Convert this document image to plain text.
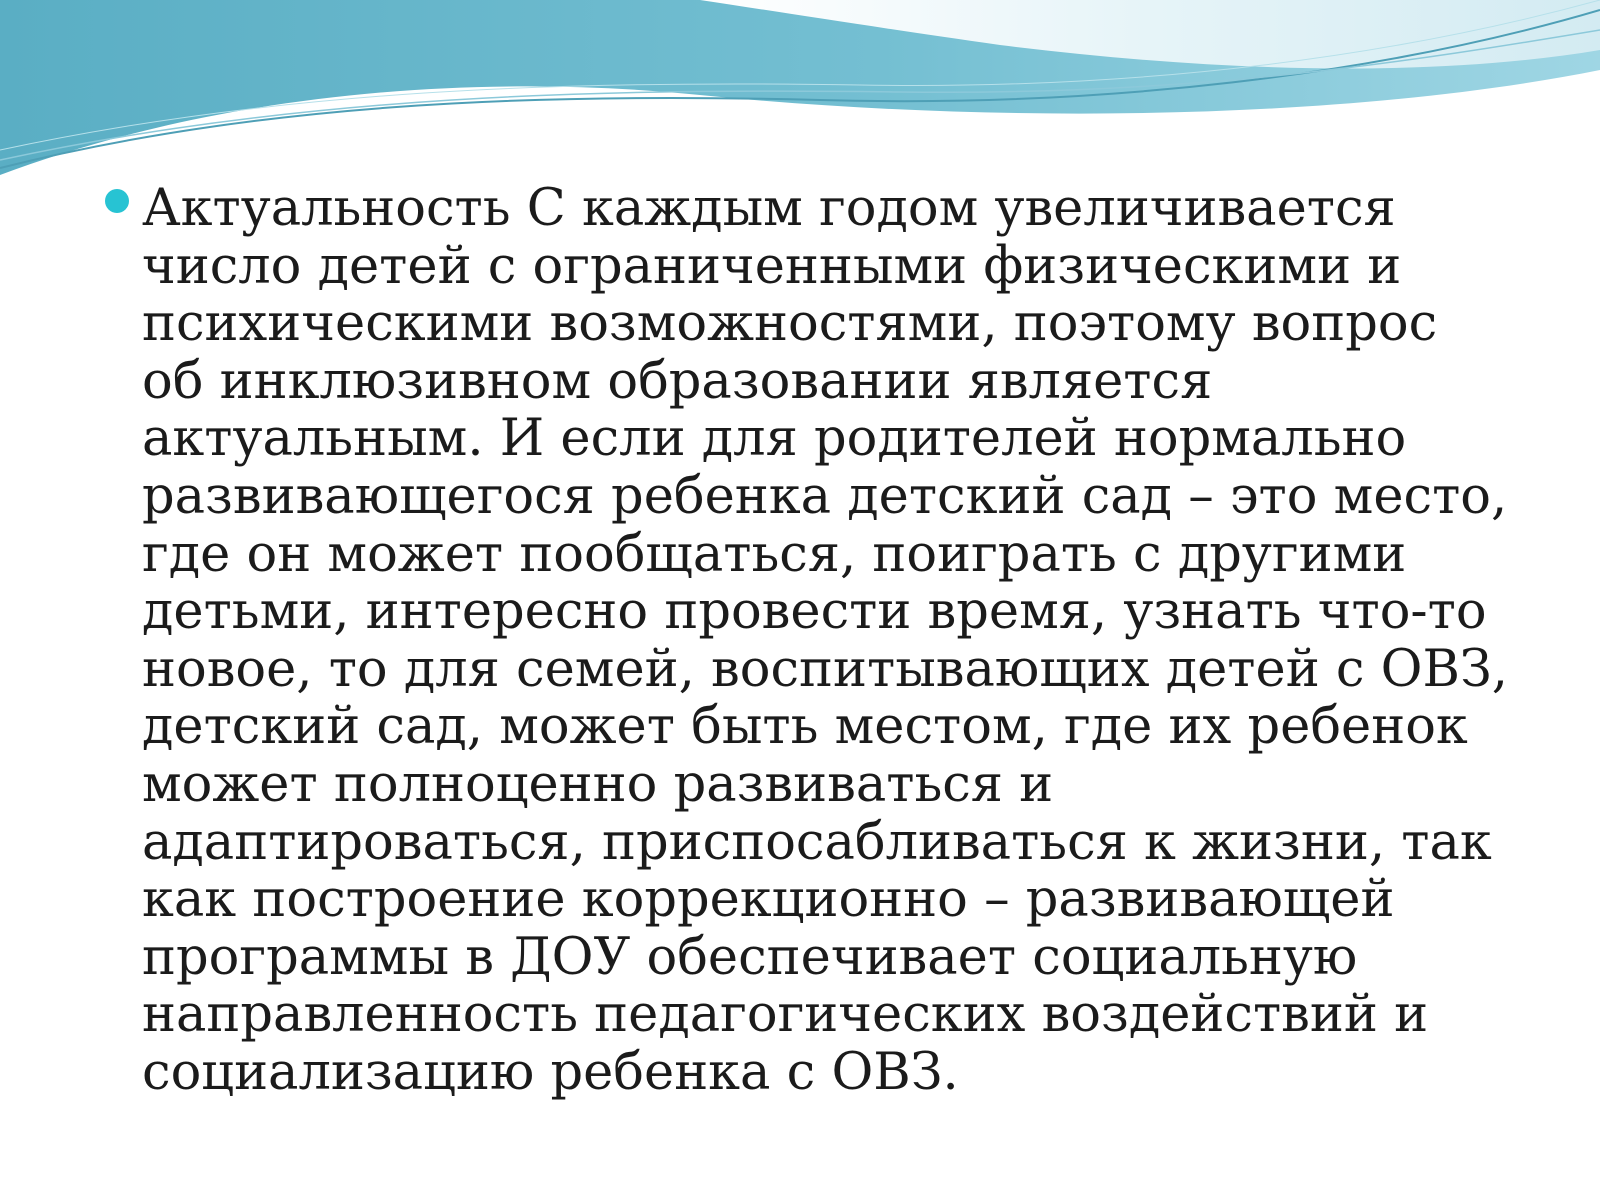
Актуальность С каждым годом увеличивается
число детей с ограниченными физическими и
психическими возможностями, поэтому вопрос
об инклюзивном образовании является
актуальным. И если для родителей нормально
развивающегося ребенка детский сад – это место,
где он может пообщаться, поиграть с другими
детьми, интересно провести время, узнать что-то
новое, то для семей, воспитывающих детей с ОВЗ,
детский сад, может быть местом, где их ребенок
может полноценно развиваться и
адаптироваться, приспосабливаться к жизни, так
как построение коррекционно – развивающей
программы в ДОУ обеспечивает социальную
направленность педагогических воздействий и
социализацию ребенка с ОВЗ.
